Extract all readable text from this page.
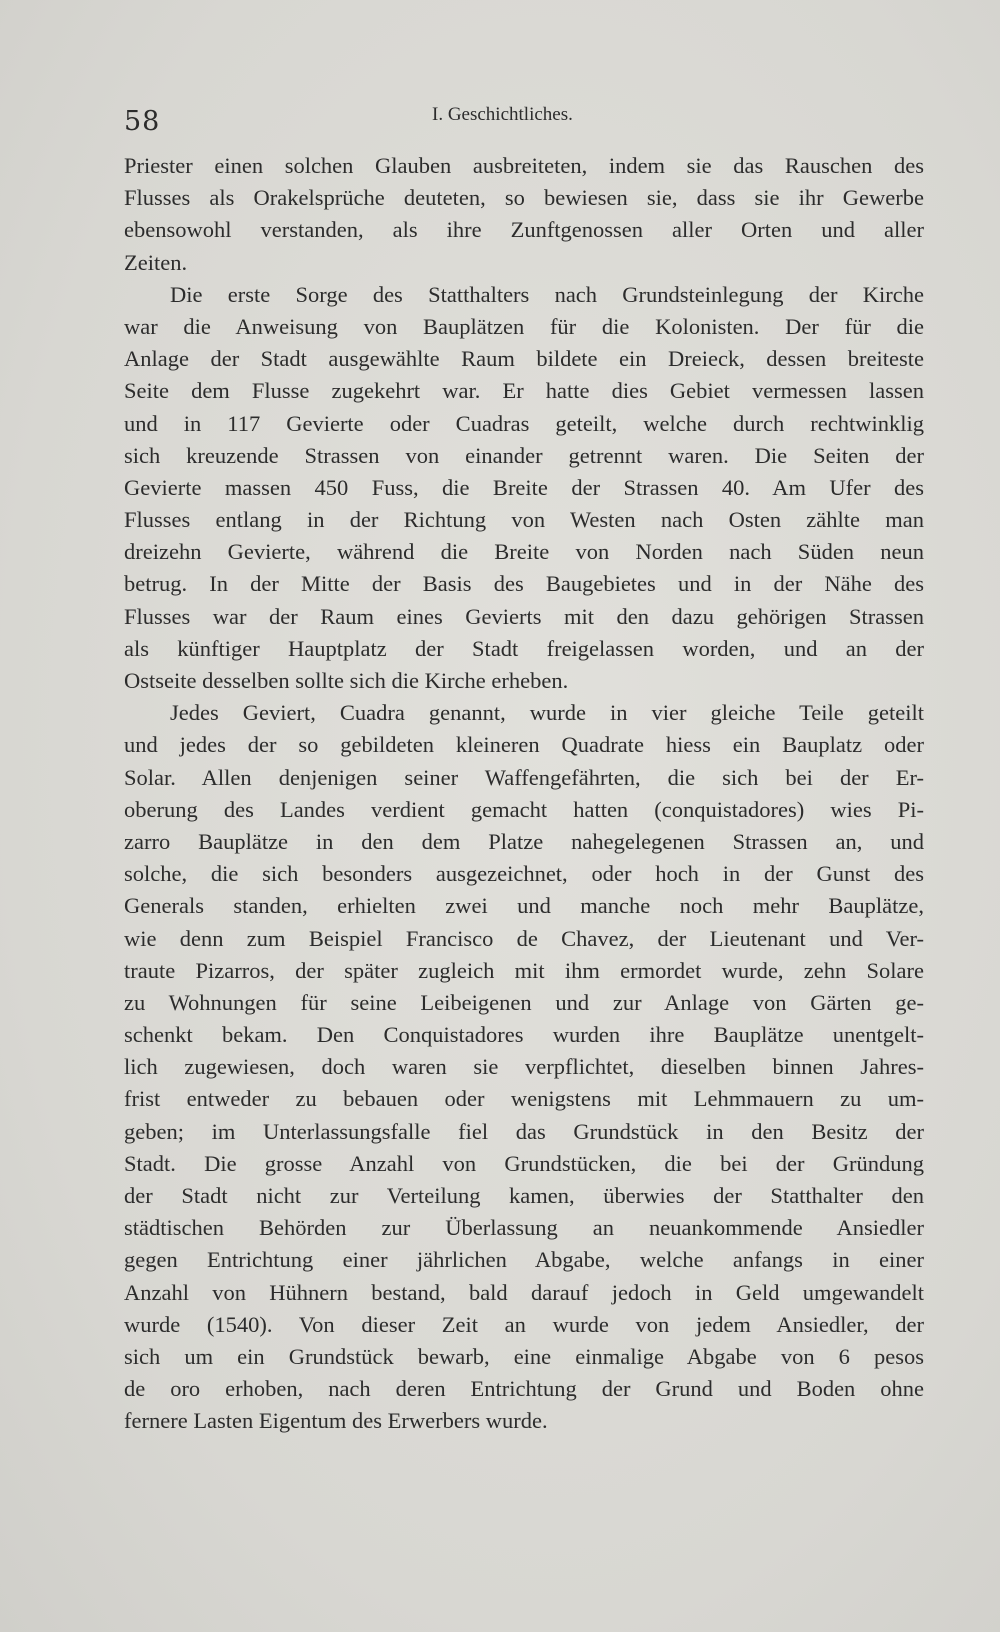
58	I. Geschichtliches.
Priester einen solchen Glauben ausbreiteten, indem sie das Rauschen des
Flusses als Orakelsprüche deuteten, so bewiesen sie, dass sie ihr Gewerbe
ebensowohl verstanden, als ihre Zunftgenossen aller Orten und aller
Zeiten.
Die erste Sorge des Statthalters nach Grundsteinlegung der Kirche
war die Anweisung von Bauplätzen für die Kolonisten. Der für die
Anlage der Stadt ausgewählte Raum bildete ein Dreieck, dessen breiteste
Seite dem Flusse zugekehrt war. Er hatte dies Gebiet vermessen lassen
und in 117 Gevierte oder Cuadras geteilt, welche durch rechtwinklig
sich kreuzende Strassen von einander getrennt waren. Die Seiten der
Gevierte massen 450 Fuss, die Breite der Strassen 40. Am Ufer des
Flusses entlang in der Richtung von Westen nach Osten zählte man
dreizehn Gevierte, während die Breite von Norden nach Süden neun
betrug. In der Mitte der Basis des Baugebietes und in der Nähe des
Flusses war der Raum eines Gevierts mit den dazu gehörigen Strassen
als künftiger Hauptplatz der Stadt freigelassen worden, und an der
Ostseite desselben sollte sich die Kirche erheben.
Jedes Geviert, Cuadra genannt, wurde in vier gleiche Teile geteilt
und jedes der so gebildeten kleineren Quadrate hiess ein Bauplatz oder
Solar. Allen denjenigen seiner Waffengefährten, die sich bei der Er-
oberung des Landes verdient gemacht hatten (conquistadores) wies Pi-
zarro Bauplätze in den dem Platze nahegelegenen Strassen an, und
solche, die sich besonders ausgezeichnet, oder hoch in der Gunst des
Generals standen, erhielten zwei und manche noch mehr Bauplätze,
wie denn zum Beispiel Francisco de Chavez, der Lieutenant und Ver-
traute Pizarros, der später zugleich mit ihm ermordet wurde, zehn Solare
zu Wohnungen für seine Leibeigenen und zur Anlage von Gärten ge-
schenkt bekam. Den Conquistadores wurden ihre Bauplätze unentgelt-
lich zugewiesen, doch waren sie verpflichtet, dieselben binnen Jahres-
frist entweder zu bebauen oder wenigstens mit Lehmmauern zu um-
geben; im Unterlassungsfalle fiel das Grundstück in den Besitz der
Stadt. Die grosse Anzahl von Grundstücken, die bei der Gründung
der Stadt nicht zur Verteilung kamen, überwies der Statthalter den
städtischen Behörden zur Überlassung an neuankommende Ansiedler
gegen Entrichtung einer jährlichen Abgabe, welche anfangs in einer
Anzahl von Hühnern bestand, bald darauf jedoch in Geld umgewandelt
wurde (1540). Von dieser Zeit an wurde von jedem Ansiedler, der
sich um ein Grundstück bewarb, eine einmalige Abgabe von 6 pesos
de oro erhoben, nach deren Entrichtung der Grund und Boden ohne
fernere Lasten Eigentum des Erwerbers wurde.
